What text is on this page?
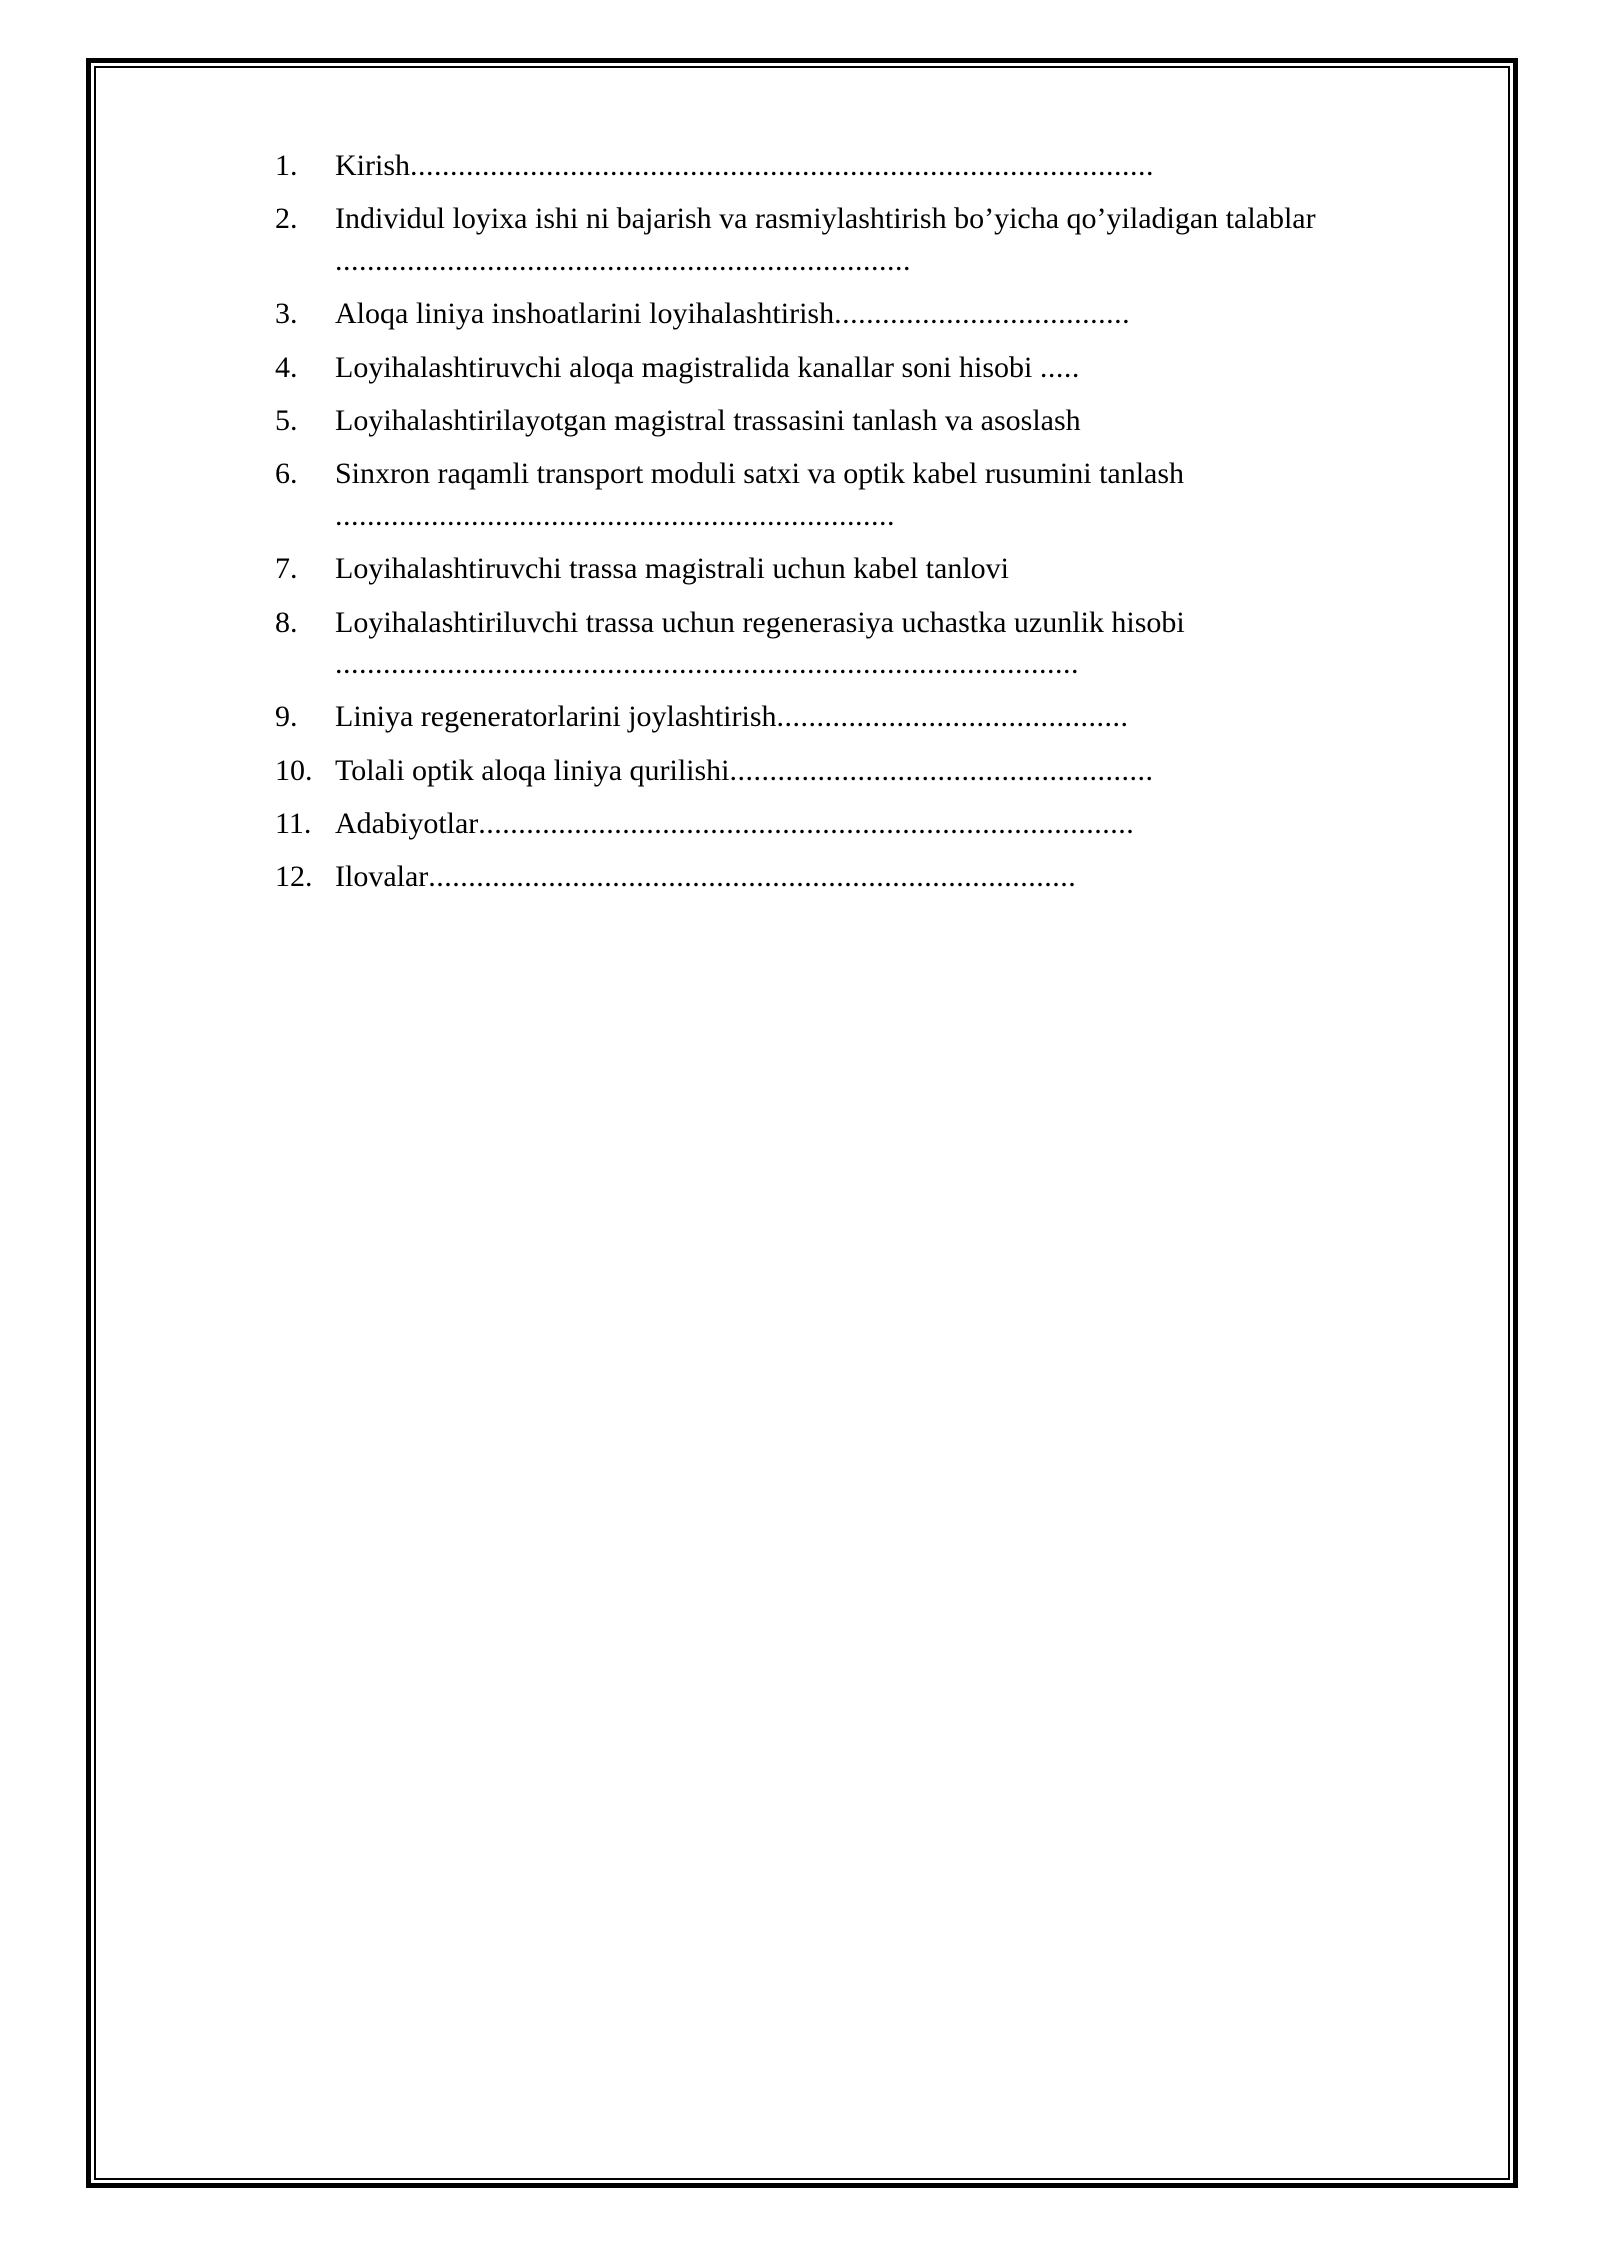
1. Kirish.............................................................................................
2. Individul loyixa ishi ni bajarish va rasmiylashtirish bo’yicha qo’yiladigan talablar
........................................................................
3. Aloqa liniya inshoatlarini loyihalashtirish.....................................
4. Loyihalashtiruvchi aloqa magistralida kanallar soni hisobi .....
5. Loyihalashtirilayotgan magistral trassasini tanlash va asoslash
6. Sinxron raqamli transport moduli satxi va optik kabel rusumini tanlash
......................................................................
7. Loyihalashtiruvchi trassa magistrali uchun kabel tanlovi
8. Loyihalashtiriluvchi trassa uchun regenerasiya uchastka uzunlik hisobi
.............................................................................................
9. Liniya regeneratorlarini joylashtirish............................................
10. Tolali optik aloqa liniya qurilishi.....................................................
11. Adabiyotlar..................................................................................
12. Ilovalar.................................................................................
